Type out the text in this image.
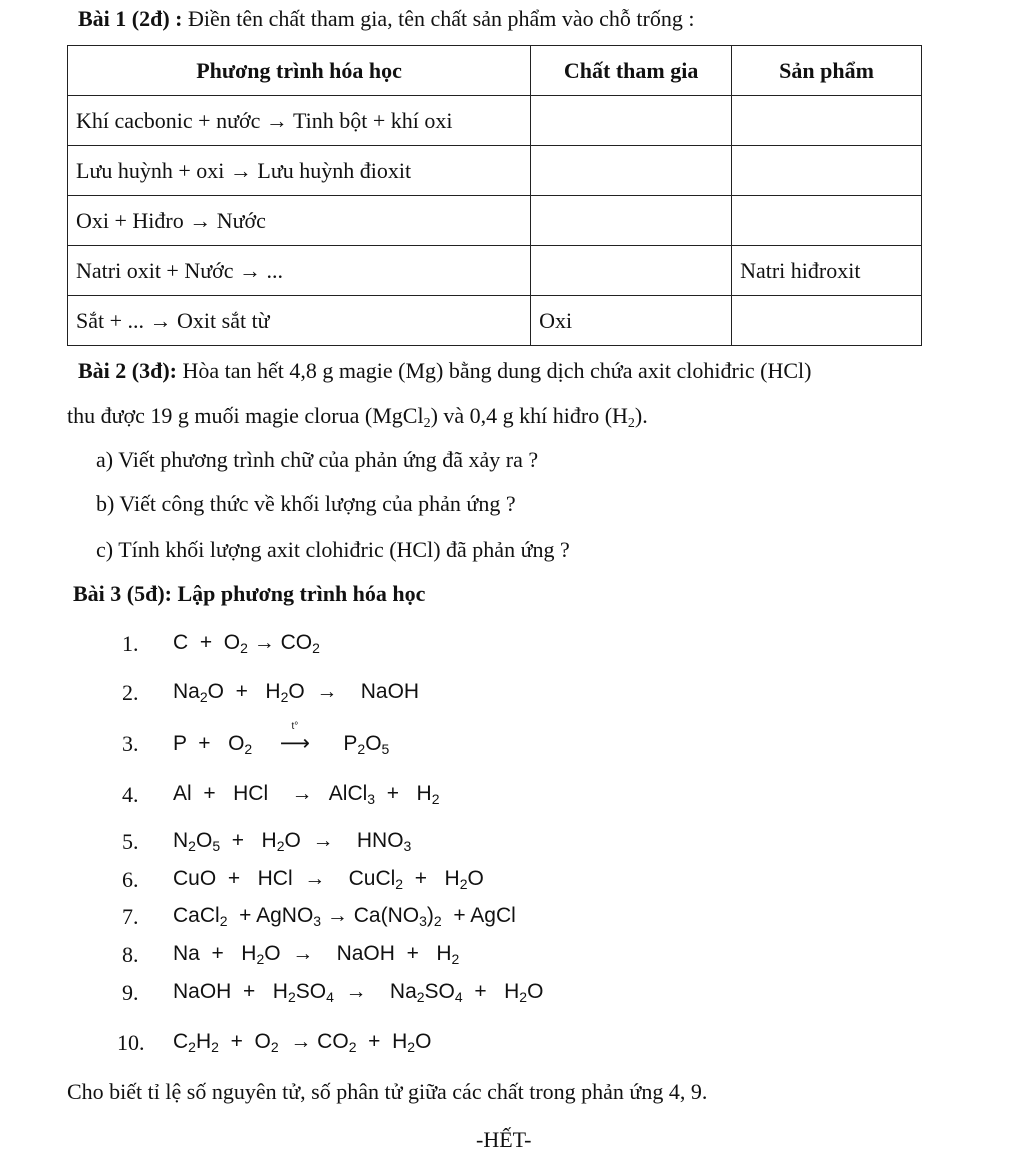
Bài 1 (2đ) : Điền tên chất tham gia, tên chất sản phẩm vào chỗ trống :
Phương trình hóa học	Chất tham gia	Sản phẩm
Khí cacbonic + nước → Tinh bột + khí oxi		
Lưu huỳnh + oxi → Lưu huỳnh đioxit		
Oxi + Hiđro → Nước		
Natri oxit + Nước → ...		Natri hiđroxit
Sắt + ... → Oxit sắt từ	Oxi	
Bài 2 (3đ): Hòa tan hết 4,8 g magie (Mg) bằng dung dịch chứa axit clohiđric (HCl)
thu được 19 g muối magie clorua (MgCl$_2$) và 0,4 g khí hiđro $(H_2)$.
a) Viết phương trình chữ của phản ứng đã xảy ra ?
b) Viết công thức về khối lượng của phản ứng ?
c) Tính khối lượng axit clohiđric (HCl) đã phản ứng ?
Bài 3 (5đ): Lập phương trình hóa học
1.	$C + O_2 \to CO_2$
2.	$Na_2O + H_2O$  →    NaOH
3.	$P + O_2$
t°
⟶   $P_2O_5$
4.	Al  +   HCl    →   AlCl$_3$  +   $H_2$
5.	$N_2O_5 + H_2O$  →    $HNO_3$
6.	CuO  +   HCl  →    CuCl$_2$  +   $H_2O$
7.	CaCl$_2$  + AgNO$_3$ → $Ca(NO_3)_2$  + AgCl
8.	$Na + H_2O$  →    NaOH  +   $H_2$
9.	NaOH  +   $H_2SO_4$  →    $Na_2SO_4 + H_2O$
10. $C_2H_2 + O_2 \to CO_2 + H_2O$
Cho biết tỉ lệ số nguyên tử, số phân tử giữa các chất trong phản ứng 4, 9.
-HẾT-
